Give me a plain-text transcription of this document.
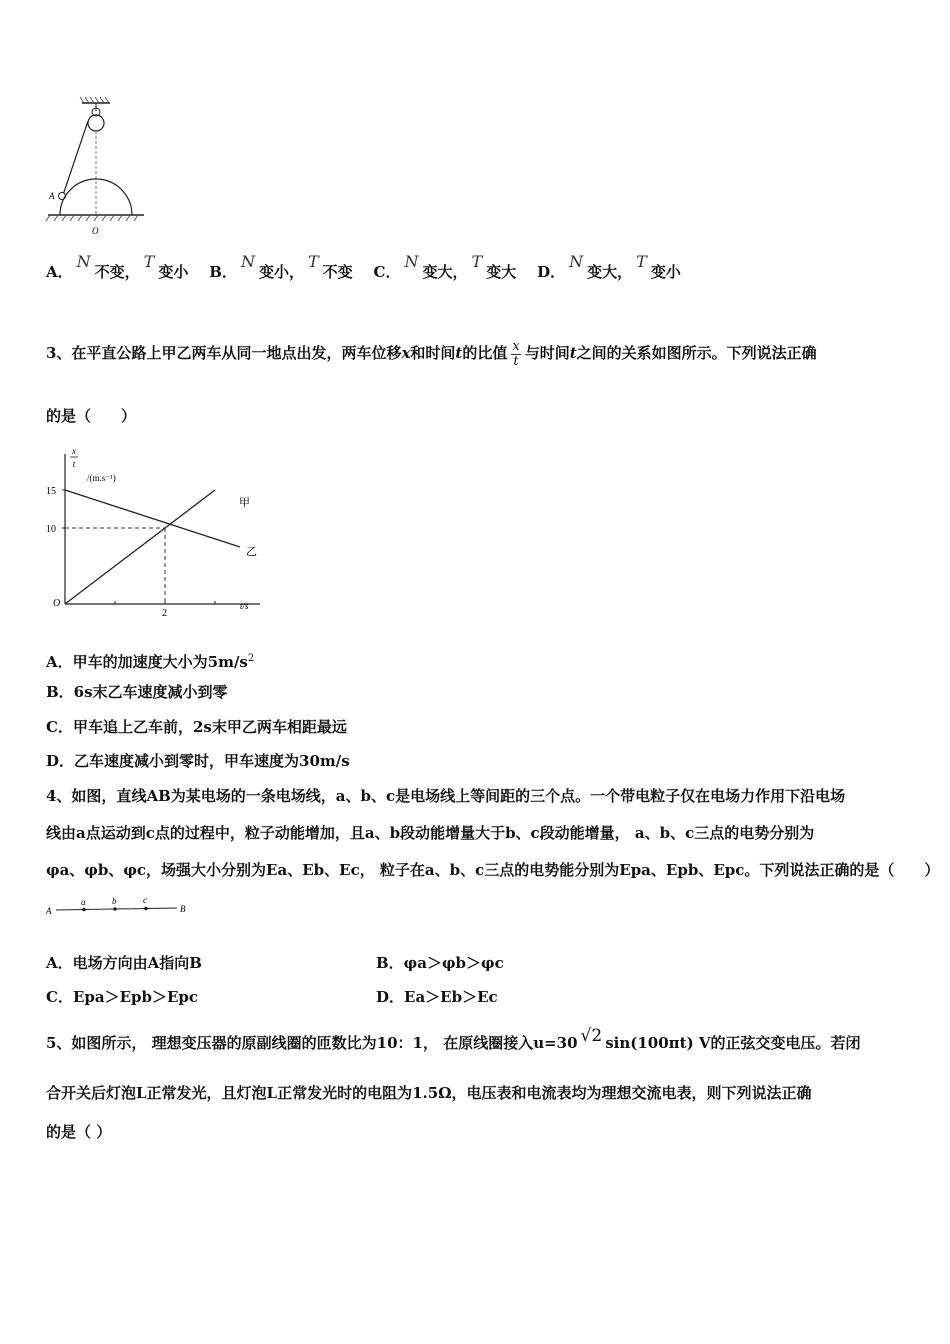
A
O
A．N不变，T变小 B．N变小，T不变 C．N变大，T变大 D．N变大，T变小
3、在平直公路上甲乙两车从同一地点出发，两车位移x和时间t的比值 $\frac{x}{t}$ 与时间t之间的关系如图所示。下列说法正确
的是（　　）
x
t
/(m.s⁻¹)
t/s
O
甲
乙
15
10
2
A．甲车的加速度大小为$5m/s^2$
B．6s末乙车速度减小到零
C．甲车追上乙车前，2s末甲乙两车相距最远
D．乙车速度减小到零时，甲车速度为30m/s
4、如图，直线AB为某电场的一条电场线，a、b、c是电场线上等间距的三个点。一个带电粒子仅在电场力作用下沿电场
线由a点运动到c点的过程中，粒子动能增加，且a、b段动能增量大于b、c段动能增量， a、b、c三点的电势分别为
φa、φb、φc，场强大小分别为Ea、Eb、Ec， 粒子在a、b、c三点的电势能分别为Epa、Epb、Epc。下列说法正确的是（　　）
A
a	b	c
B
A．电场方向由A指向B	B．φa＞φb＞φc
C．Epa＞Epb＞Epc	D．Ea＞Eb＞Ec
5、如图所示， 理想变压器的原副线圈的匝数比为10：1， 在原线圈接入u=30 √2 sin(100πt) V的正弦交变电压。若闭
合开关后灯泡L正常发光，且灯泡L正常发光时的电阻为1.5Ω，电压表和电流表均为理想交流电表，则下列说法正确
的是（ ）
